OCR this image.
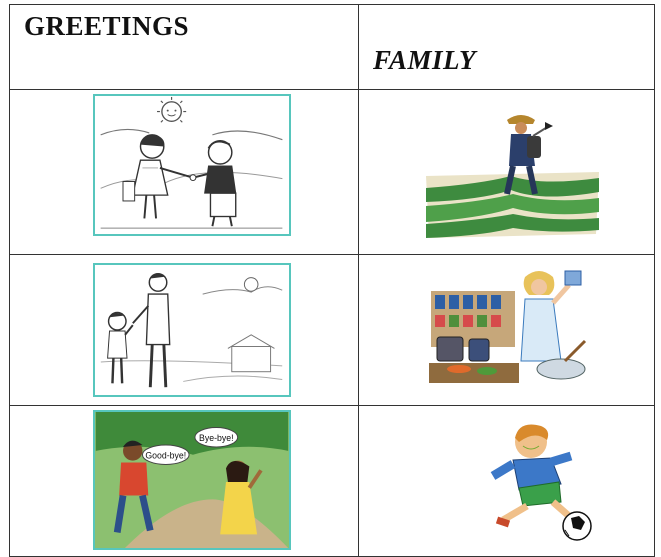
GREETINGS	FAMILY

Good-bye!
Bye-bye!
